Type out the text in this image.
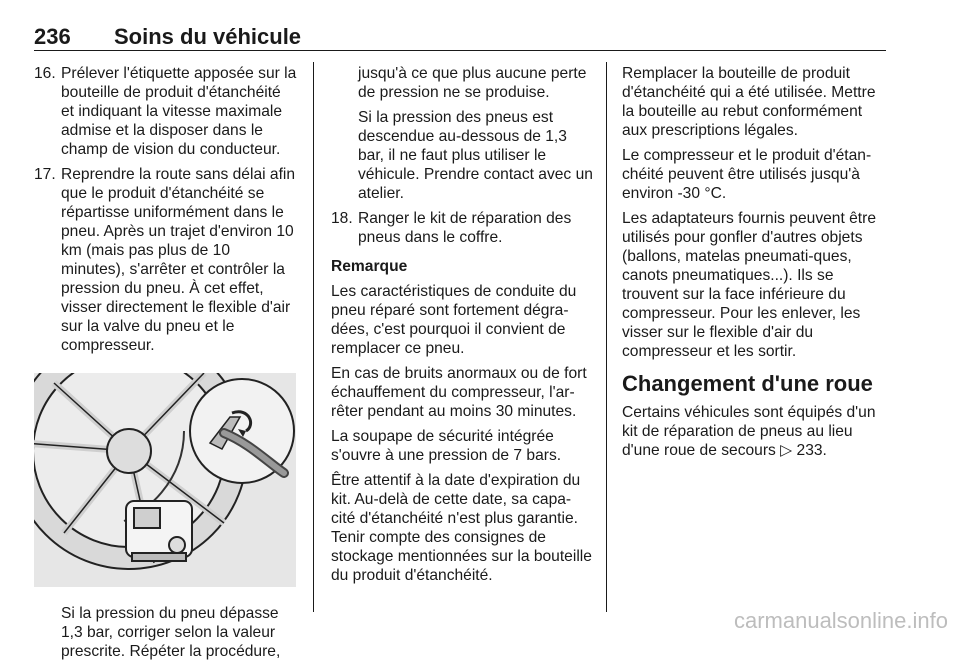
236 Soins du véhicule
16. Prélever l'étiquette apposée sur la bouteille de produit d'étanchéité et indiquant la vitesse maximale admise et la disposer dans le champ de vision du conducteur.
17. Reprendre la route sans délai afin que le produit d'étanchéité se répartisse uniformément dans le pneu. Après un trajet d'environ 10 km (mais pas plus de 10 minutes), s'arrêter et contrôler la pression du pneu. À cet effet, visser directement le flexible d'air sur la valve du pneu et le compresseur.

Si la pression du pneu dépasse 1,3 bar, corriger selon la valeur prescrite. Répéter la procédure,

jusqu'à ce que plus aucune perte de pression ne se produise.

Si la pression des pneus est descendue au-dessous de 1,3 bar, il ne faut plus utiliser le véhicule. Prendre contact avec un atelier.

18. Ranger le kit de réparation des pneus dans le coffre.

Remarque

Les caractéristiques de conduite du pneu réparé sont fortement dégra-dées, c'est pourquoi il convient de remplacer ce pneu.

En cas de bruits anormaux ou de fort échauffement du compresseur, l'ar-rêter pendant au moins 30 minutes.

La soupape de sécurité intégrée s'ouvre à une pression de 7 bars.

Être attentif à la date d'expiration du kit. Au-delà de cette date, sa capa-cité d'étanchéité n'est plus garantie. Tenir compte des consignes de stockage mentionnées sur la bouteille du produit d'étanchéité.

Remplacer la bouteille de produit d'étanchéité qui a été utilisée. Mettre la bouteille au rebut conformément aux prescriptions légales.

Le compresseur et le produit d'étan-chéité peuvent être utilisés jusqu'à environ -30 °C.

Les adaptateurs fournis peuvent être utilisés pour gonfler d'autres objets (ballons, matelas pneumati-ques, canots pneumatiques...). Ils se trouvent sur la face inférieure du compresseur. Pour les enlever, les visser sur le flexible d'air du compresseur et les sortir.

Changement d'une roue

Certains véhicules sont équipés d'un kit de réparation de pneus au lieu d'une roue de secours ▷ 233.

carmanualsonline.info
